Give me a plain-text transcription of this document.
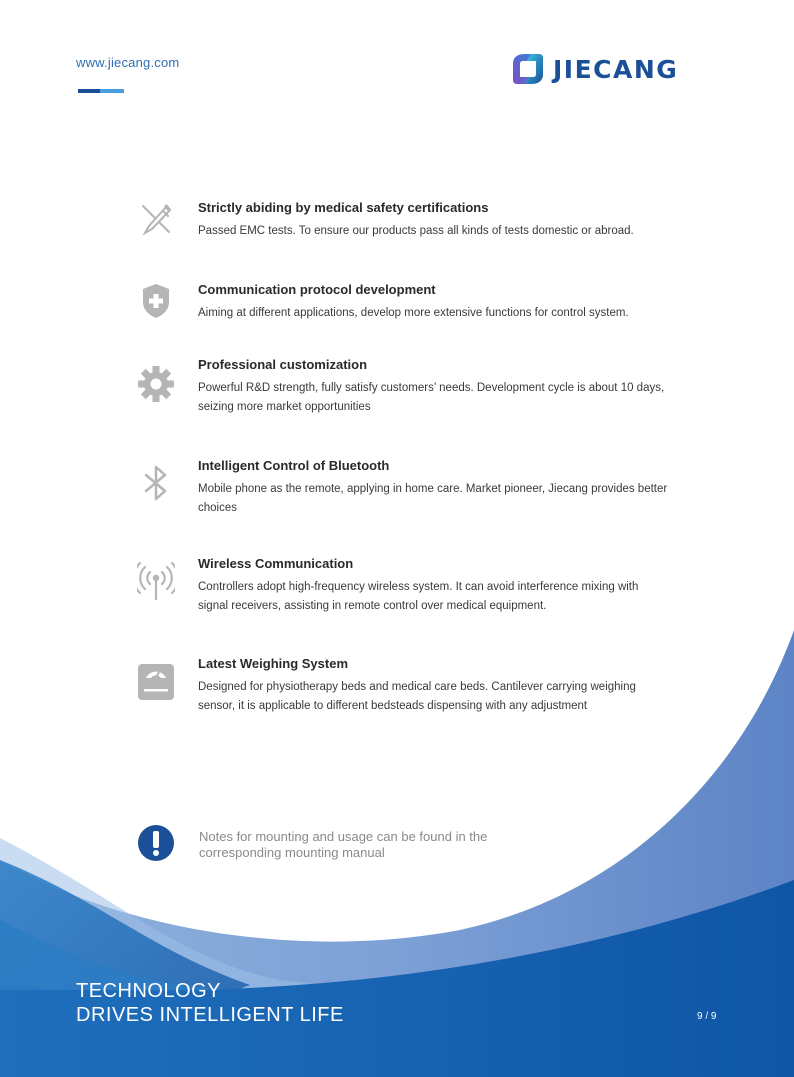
www.jiecang.com	JIECANG
Strictly abiding by medical safety certifications
Passed EMC tests. To ensure our products pass all kinds of tests domestic or abroad.
Communication protocol development
Aiming at different applications, develop more extensive functions for control system.
Professional customization
Powerful R&D strength, fully satisfy customers’ needs. Development cycle is about 10 days, seizing more market opportunities
Intelligent Control of Bluetooth
Mobile phone as the remote, applying in home care. Market pioneer, Jiecang provides better choices
Wireless Communication
Controllers adopt high-frequency wireless system. It can avoid interference mixing with signal receivers, assisting in remote control over medical equipment.
Latest Weighing System
Designed for physiotherapy beds and medical care beds. Cantilever carrying weighing sensor, it is applicable to different bedsteads dispensing with any adjustment
Notes for mounting and usage can be found in the corresponding mounting manual
TECHNOLOGY
DRIVES INTELLIGENT LIFE	9 / 9
